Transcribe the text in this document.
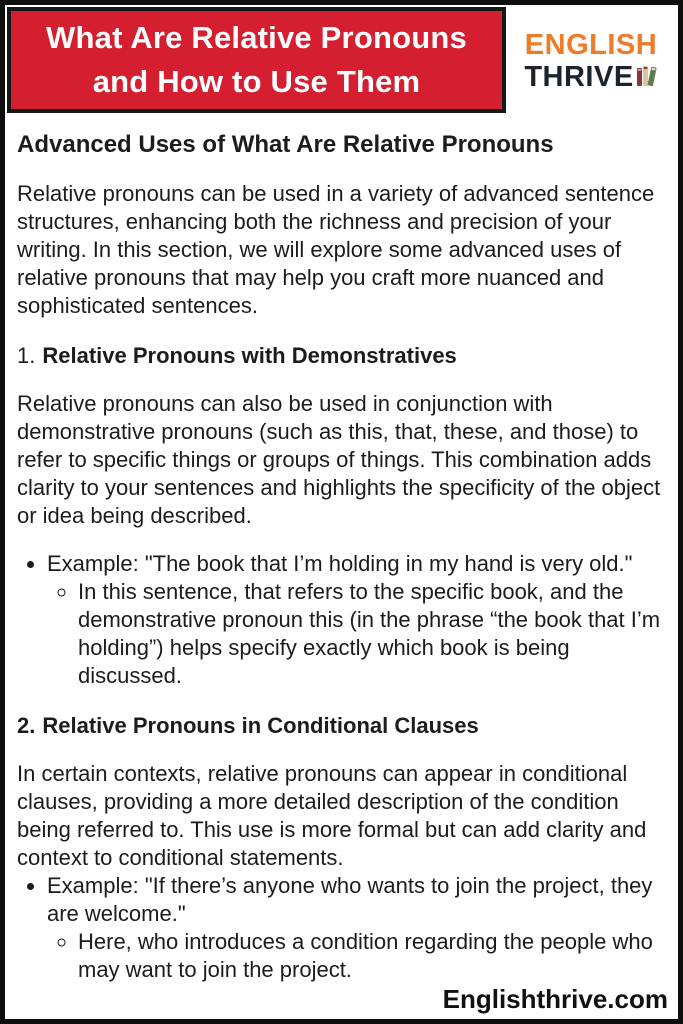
What Are Relative Pronouns
and How to Use Them
ENGLISH
THRIVE
Advanced Uses of What Are Relative Pronouns

Relative pronouns can be used in a variety of advanced sentence structures, enhancing both the richness and precision of your writing. In this section, we will explore some advanced uses of relative pronouns that may help you craft more nuanced and sophisticated sentences.

1. Relative Pronouns with Demonstratives

Relative pronouns can also be used in conjunction with demonstrative pronouns (such as this, that, these, and those) to refer to specific things or groups of things. This combination adds clarity to your sentences and highlights the specificity of the object or idea being described.

• Example: "The book that I’m holding in my hand is very old."
◦ In this sentence, that refers to the specific book, and the demonstrative pronoun this (in the phrase “the book that I’m holding”) helps specify exactly which book is being discussed.
2. Relative Pronouns in Conditional Clauses

In certain contexts, relative pronouns can appear in conditional clauses, providing a more detailed description of the condition being referred to. This use is more formal but can add clarity and context to conditional statements.

• Example: "If there’s anyone who wants to join the project, they are welcome."
◦ Here, who introduces a condition regarding the people who may want to join the project.
Englishthrive.com
